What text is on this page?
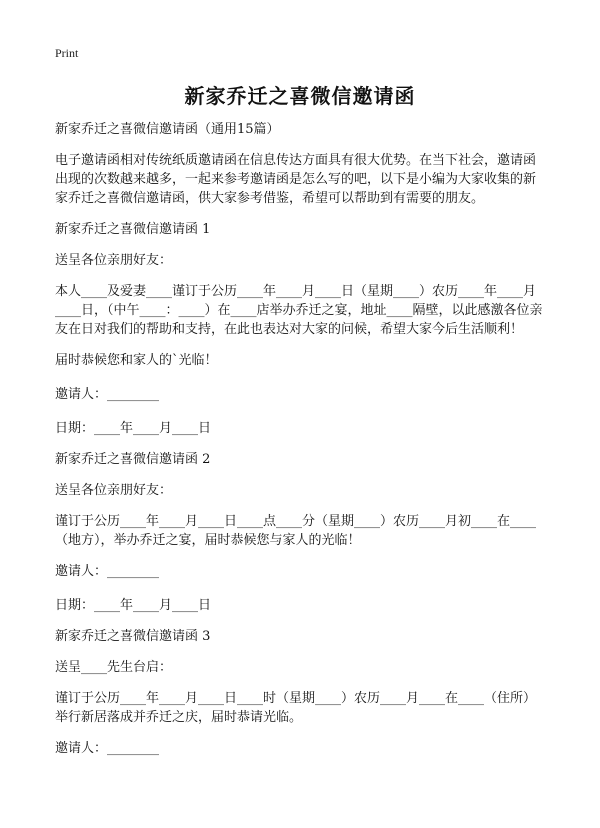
Print
新家乔迁之喜微信邀请函

新家乔迁之喜微信邀请函（通用15篇）

电子邀请函相对传统纸质邀请函在信息传达方面具有很大优势。在当下社会，邀请函出现的次数越来越多，一起来参考邀请函是怎么写的吧，以下是小编为大家收集的新家乔迁之喜微信邀请函，供大家参考借鉴，希望可以帮助到有需要的朋友。

新家乔迁之喜微信邀请函 1

送呈各位亲朋好友：

本人____及爱妻____谨订于公历____年____月____日（星期____）农历____年____月____日，（中午____：____）在____店举办乔迁之宴，地址____隔壁，以此感激各位亲友在日对我们的帮助和支持，在此也表达对大家的问候，希望大家今后生活顺利！

届时恭候您和家人的`光临！

邀请人：________

日期：____年____月____日

新家乔迁之喜微信邀请函 2

送呈各位亲朋好友：

谨订于公历____年____月____日____点____分（星期____）农历____月初____在____（地方），举办乔迁之宴，届时恭候您与家人的光临！

邀请人：________

日期：____年____月____日

新家乔迁之喜微信邀请函 3

送呈____先生台启：

谨订于公历____年____月____日____时（星期____）农历____月____在____（住所）举行新居落成并乔迁之庆，届时恭请光临。

邀请人：________
